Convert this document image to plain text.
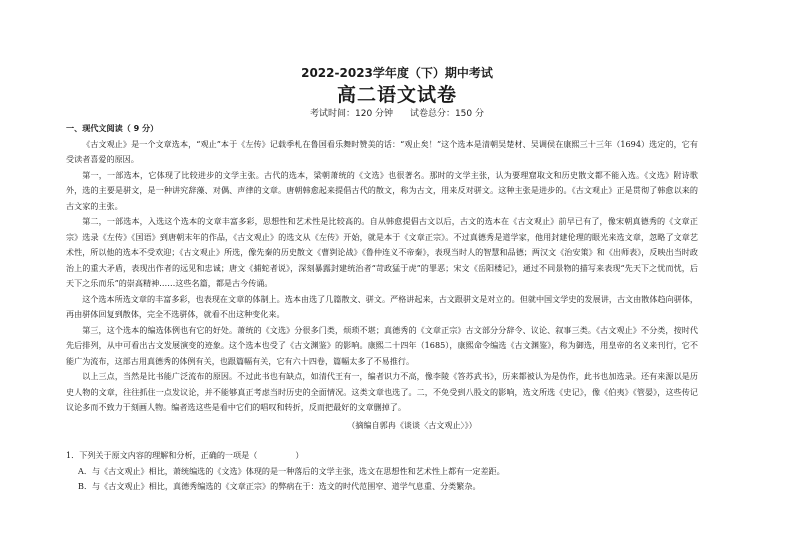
2022-2023学年度（下）期中考试
高二语文试卷
考试时间：120 分钟 试卷总分：150 分

一、现代文阅读（ 9 分）

《古文观止》是一个文章选本，“观止”本于《左传》记载季札在鲁国看乐舞时赞美的话：“观止矣！”这个选本是清朝吴楚材、吴调侯在康熙三十三年（1694）选定的，它有受读者喜爱的原因。

第一，一部选本，它体现了比较进步的文学主张。古代的选本，梁朝萧统的《文选》也很著名。那时的文学主张，认为要理窟取文和历史散文都不能入选。《文选》附诗歌外，选的主要是骈文，是一种讲究辞藻、对偶、声律的文章。唐朝韩愈起来提倡古代的散文，称为古文，用来反对骈文。这种主张是进步的。《古文观止》正是贯彻了韩愈以来的古文家的主张。

第二，一部选本，入选这个选本的文章丰富多彩，思想性和艺术性是比较高的。自从韩愈提倡古文以后，古文的选本在《古文观止》前早已有了，像宋朝真德秀的《文章正宗》选录《左传》《国语》到唐朝末年的作品，《古文观止》的选文从《左传》开始，就是本于《文章正宗》。不过真德秀是道学家，他用封建伦理的眼光来选文章，忽略了文章艺术性，所以他的选本不受欢迎；《古文观止》所选，像先秦的历史散文《曹刿论战》《鲁仲连义不帝秦》，表现当时人的智慧和品德；两汉文《治安策》和《出师表》，反映出当时政治上的重大矛盾，表现出作者的远见和忠诚；唐文《捕蛇者说》，深刻暴露封建统治者“苛政猛于虎”的罪恶；宋文《岳阳楼记》，通过不同景物的描写来表现“先天下之忧而忧，后天下之乐而乐”的崇高精神……这些名篇，都是古今传诵。

这个选本所选文章的丰富多彩，也表现在文章的体制上。选本由选了几篇散文、骈文。严格讲起来，古文跟骈文是对立的。但就中国文学史的发展讲，古文由散体趋向骈体，再由骈体回复到散体，完全不选骈体，就看不出这种变化来。

第三，这个选本的编选体例也有它的好处。萧统的《文选》分很多门类，烦琐不堪；真德秀的《文章正宗》古文部分分辞令、议论、叙事三类。《古文观止》不分类，按时代先后排列，从中可看出古文发展演变的迹象。这个选本也受了《古文渊鉴》的影响。康熙二十四年（1685），康熙命令编选《古文渊鉴》，称为御选，用皇帝的名义来刊行，它不能广为流布，这部古用真德秀的体例有关，也跟篇幅有关，它有六十四卷，篇幅太多了不易推行。

以上三点，当然是比书能广泛流布的原因。不过此书也有缺点，如清代王有一，编者识力不高，像李陵《答苏武书》，历来都被认为是伪作，此书也加选录。还有来源以是历史人物的文章，往往抓住一点发议论，并不能够真正考虑当时历史的全面情况。这类文章也选了。二，不免受到八股文的影响，选文所选《史记》，像《伯夷》《管晏》，这些传记议论多而不致力于刻画人物。编者选这些是看中它们的唱叹和转折，反而把最好的文章删掉了。

（摘编自郭冉《谈谈〈古文观止〉》）

1．下列关于原文内容的理解和分析，正确的一项是（	）

A．与《古文观止》相比，萧统编选的《文选》体现的是一种落后的文学主张，选文在思想性和艺术性上都有一定差距。

B．与《古文观止》相比，真德秀编选的《文章正宗》的弊病在于：选文的时代范围窄、道学气息重、分类繁杂。
